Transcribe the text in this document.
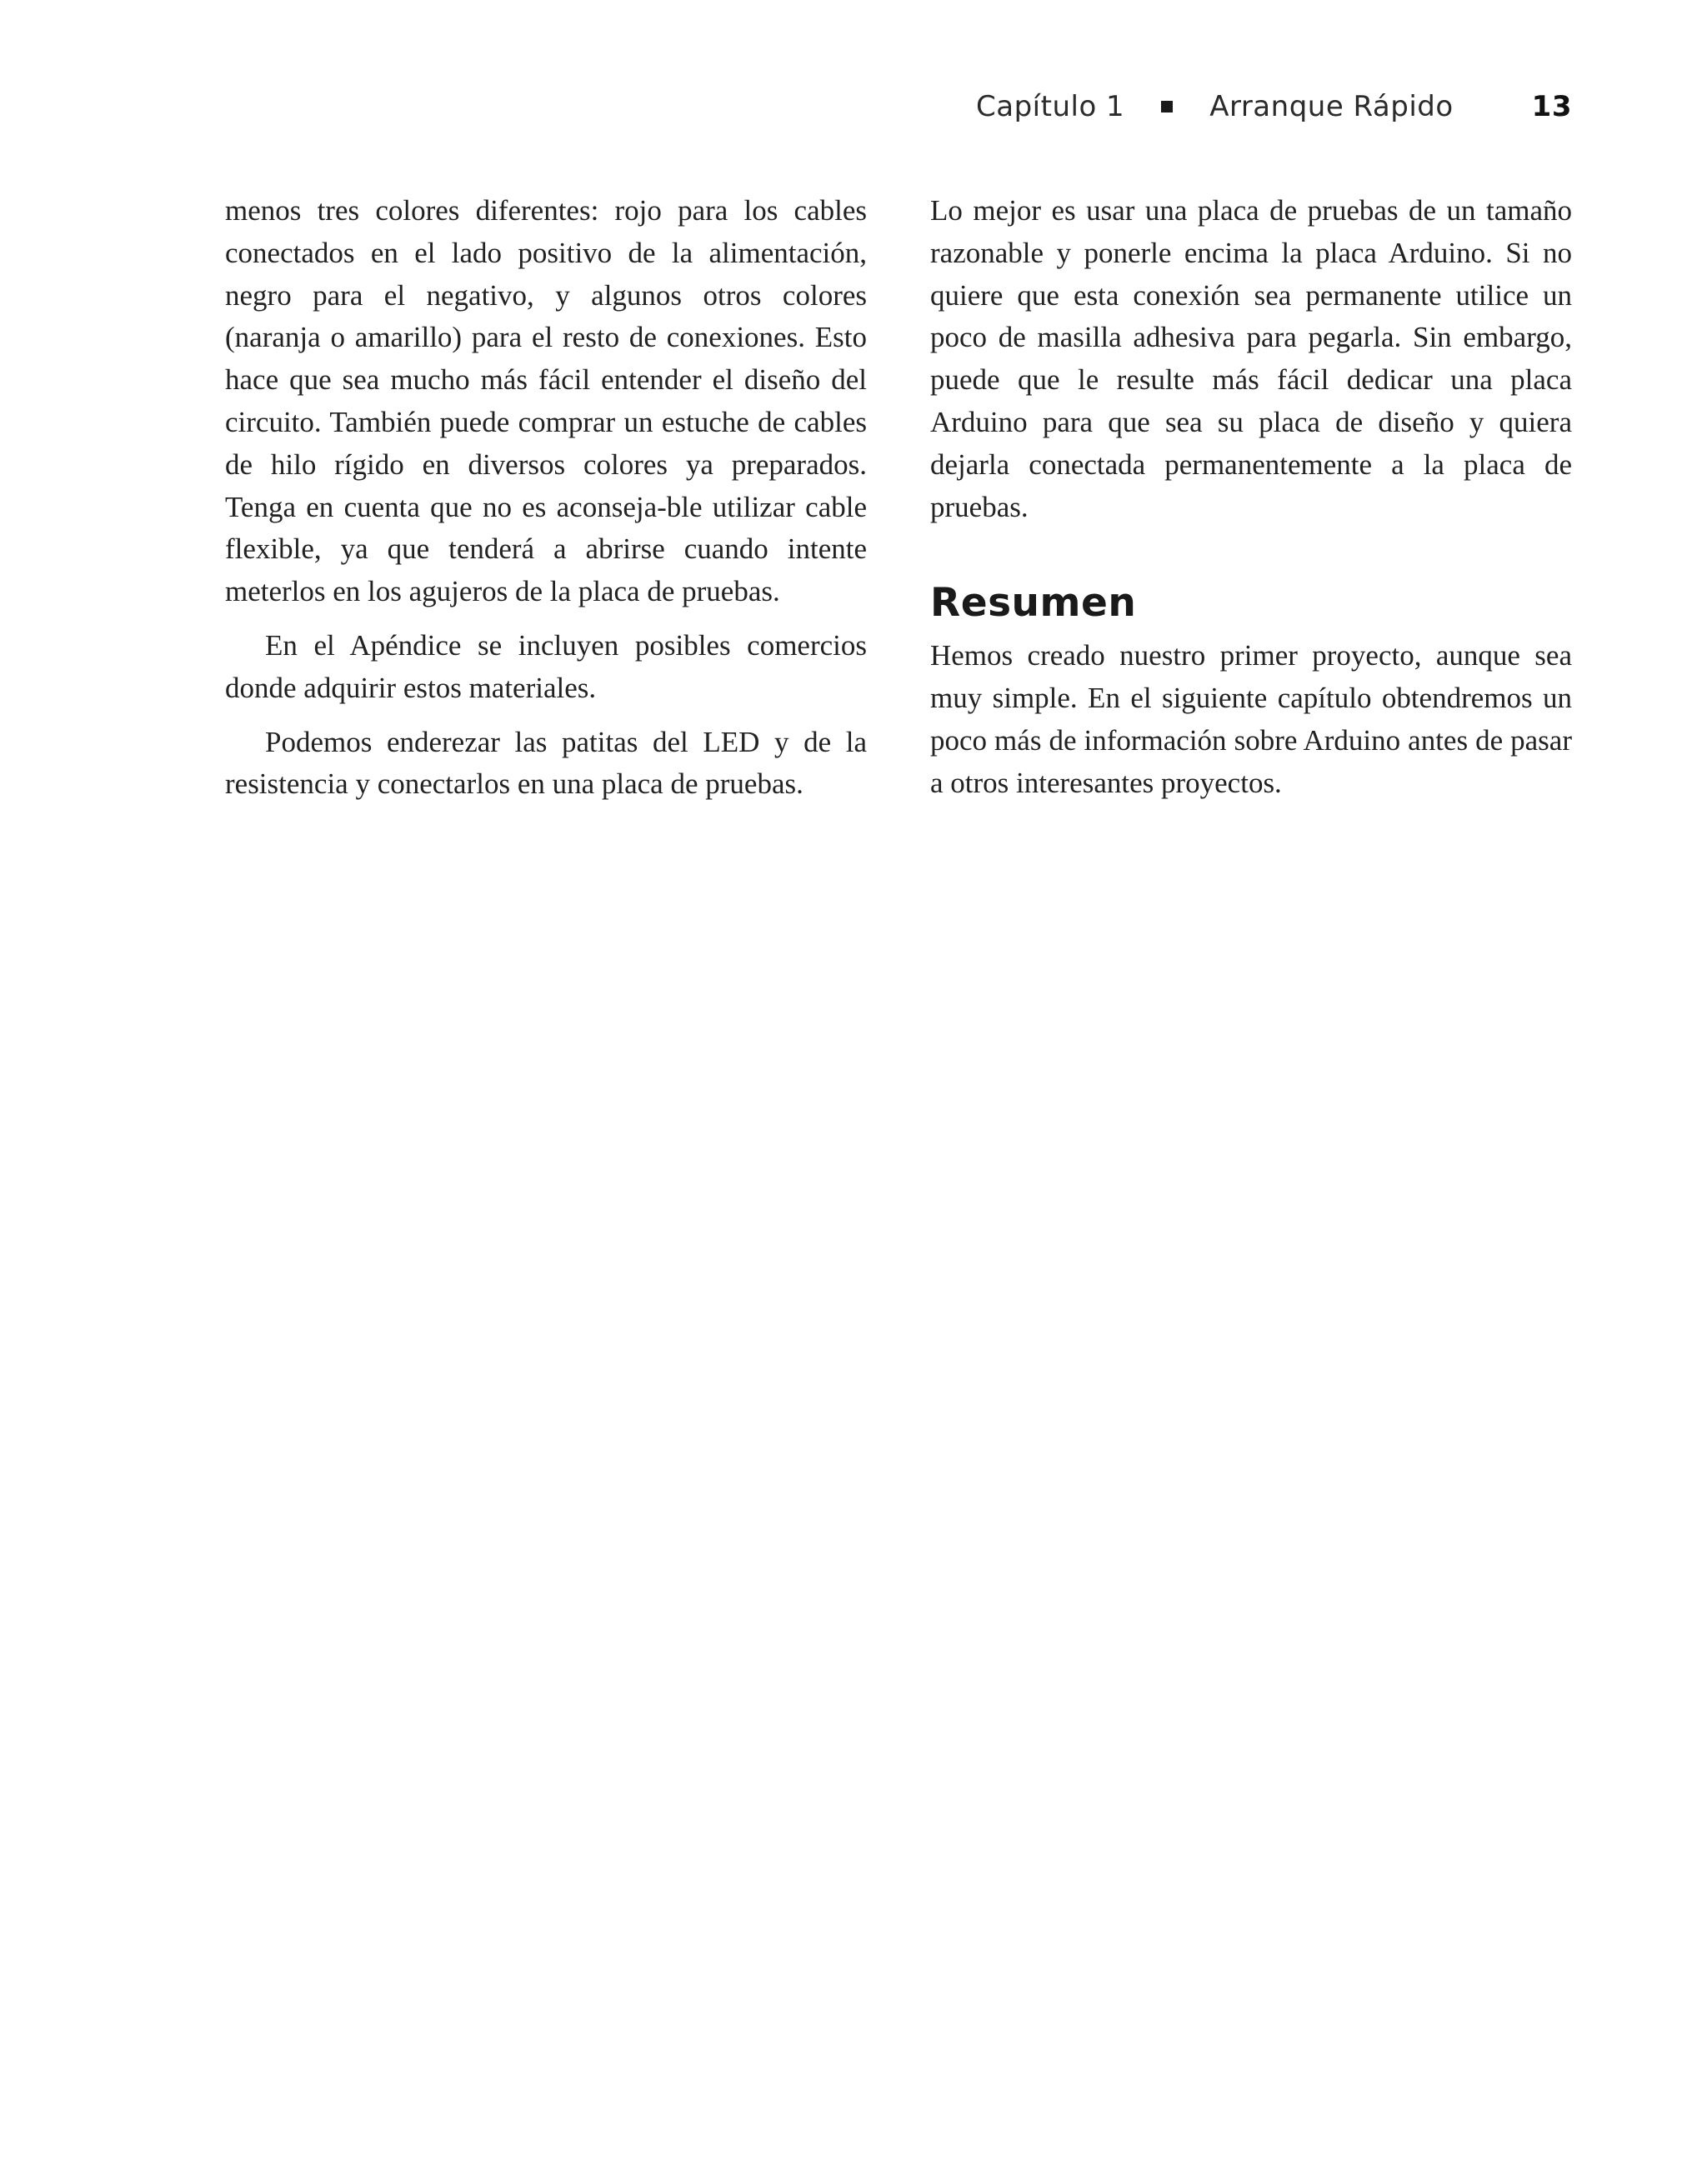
Capítulo 1	Arranque Rápido	13

menos tres colores diferentes: rojo para los cables conectados en el lado positivo de la alimentación, negro para el negativo, y algunos otros colores (naranja o amarillo) para el resto de conexiones. Esto hace que sea mucho más fácil entender el diseño del circuito. También puede comprar un estuche de cables de hilo rígido en diversos colores ya preparados. Tenga en cuenta que no es aconseja-ble utilizar cable flexible, ya que tenderá a abrirse cuando intente meterlos en los agujeros de la placa de pruebas.

En el Apéndice se incluyen posibles comercios donde adquirir estos materiales.

Podemos enderezar las patitas del LED y de la resistencia y conectarlos en una placa de pruebas.

Lo mejor es usar una placa de pruebas de un tamaño razonable y ponerle encima la placa Arduino. Si no quiere que esta conexión sea permanente utilice un poco de masilla adhesiva para pegarla. Sin embargo, puede que le resulte más fácil dedicar una placa Arduino para que sea su placa de diseño y quiera dejarla conectada permanentemente a la placa de pruebas.

Resumen

Hemos creado nuestro primer proyecto, aunque sea muy simple. En el siguiente capítulo obtendremos un poco más de información sobre Arduino antes de pasar a otros interesantes proyectos.
